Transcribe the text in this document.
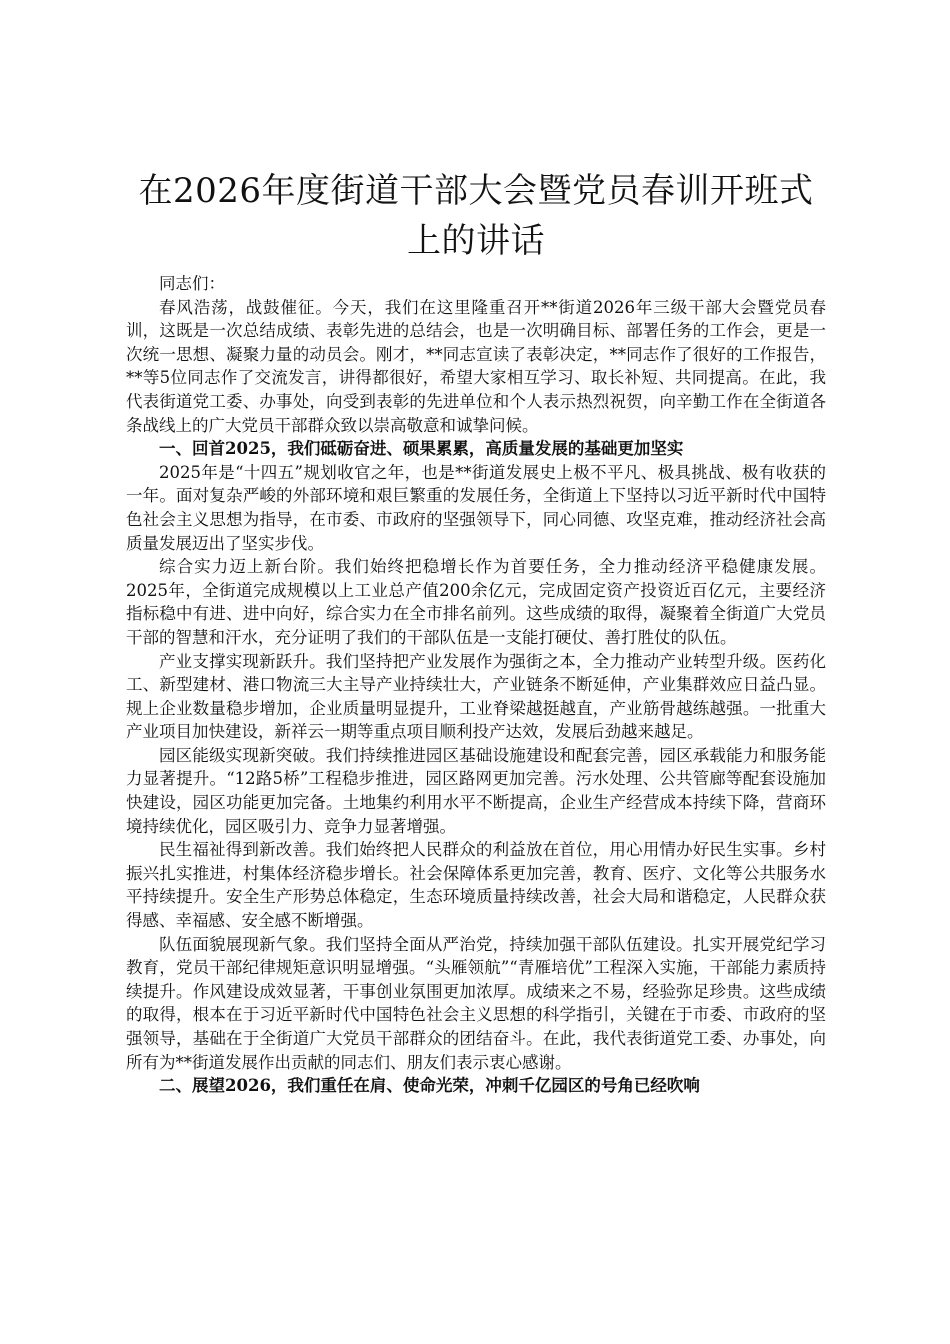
在2026年度街道干部大会暨党员春训开班式上的讲话

同志们：

春风浩荡，战鼓催征。今天，我们在这里隆重召开**街道2026年三级干部大会暨党员春训，这既是一次总结成绩、表彰先进的总结会，也是一次明确目标、部署任务的工作会，更是一次统一思想、凝聚力量的动员会。刚才，**同志宣读了表彰决定，**同志作了很好的工作报告，**等5位同志作了交流发言，讲得都很好，希望大家相互学习、取长补短、共同提高。在此，我代表街道党工委、办事处，向受到表彰的先进单位和个人表示热烈祝贺，向辛勤工作在全街道各条战线上的广大党员干部群众致以崇高敬意和诚挚问候。

一、回首2025，我们砥砺奋进、硕果累累，高质量发展的基础更加坚实

2025年是“十四五”规划收官之年，也是**街道发展史上极不平凡、极具挑战、极有收获的一年。面对复杂严峻的外部环境和艰巨繁重的发展任务，全街道上下坚持以习近平新时代中国特色社会主义思想为指导，在市委、市政府的坚强领导下，同心同德、攻坚克难，推动经济社会高质量发展迈出了坚实步伐。

综合实力迈上新台阶。我们始终把稳增长作为首要任务，全力推动经济平稳健康发展。2025年，全街道完成规模以上工业总产值200余亿元，完成固定资产投资近百亿元，主要经济指标稳中有进、进中向好，综合实力在全市排名前列。这些成绩的取得，凝聚着全街道广大党员干部的智慧和汗水，充分证明了我们的干部队伍是一支能打硬仗、善打胜仗的队伍。

产业支撑实现新跃升。我们坚持把产业发展作为强街之本，全力推动产业转型升级。医药化工、新型建材、港口物流三大主导产业持续壮大，产业链条不断延伸，产业集群效应日益凸显。规上企业数量稳步增加，企业质量明显提升，工业脊梁越挺越直，产业筋骨越练越强。一批重大产业项目加快建设，新祥云一期等重点项目顺利投产达效，发展后劲越来越足。

园区能级实现新突破。我们持续推进园区基础设施建设和配套完善，园区承载能力和服务能力显著提升。“12路5桥”工程稳步推进，园区路网更加完善。污水处理、公共管廊等配套设施加快建设，园区功能更加完备。土地集约利用水平不断提高，企业生产经营成本持续下降，营商环境持续优化，园区吸引力、竞争力显著增强。

民生福祉得到新改善。我们始终把人民群众的利益放在首位，用心用情办好民生实事。乡村振兴扎实推进，村集体经济稳步增长。社会保障体系更加完善，教育、医疗、文化等公共服务水平持续提升。安全生产形势总体稳定，生态环境质量持续改善，社会大局和谐稳定，人民群众获得感、幸福感、安全感不断增强。

队伍面貌展现新气象。我们坚持全面从严治党，持续加强干部队伍建设。扎实开展党纪学习教育，党员干部纪律规矩意识明显增强。“头雁领航”“青雁培优”工程深入实施，干部能力素质持续提升。作风建设成效显著，干事创业氛围更加浓厚。成绩来之不易，经验弥足珍贵。这些成绩的取得，根本在于习近平新时代中国特色社会主义思想的科学指引，关键在于市委、市政府的坚强领导，基础在于全街道广大党员干部群众的团结奋斗。在此，我代表街道党工委、办事处，向所有为**街道发展作出贡献的同志们、朋友们表示衷心感谢。

二、展望2026，我们重任在肩、使命光荣，冲刺千亿园区的号角已经吹响
